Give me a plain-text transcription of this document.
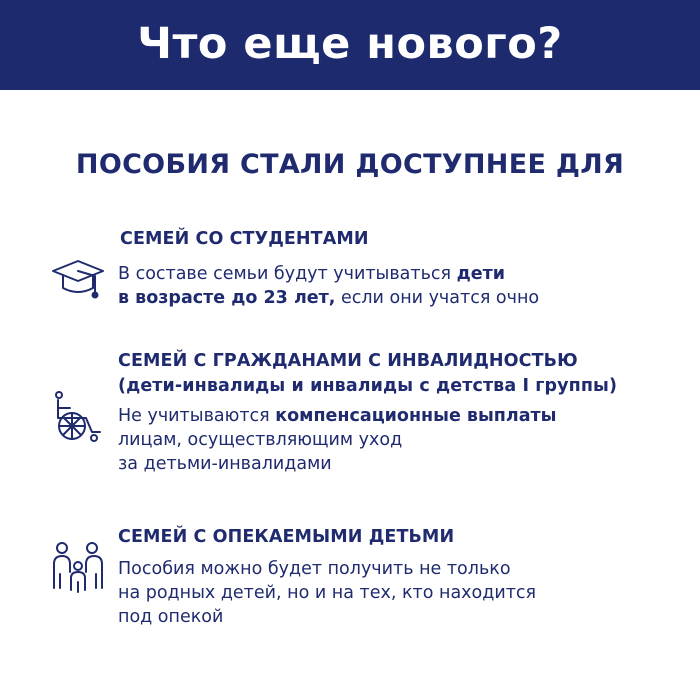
Что еще нового?
ПОСОБИЯ СТАЛИ ДОСТУПНЕЕ ДЛЯ
СЕМЕЙ СО СТУДЕНТАМИ
В составе семьи будут учитываться дети
в возрасте до 23 лет, если они учатся очно
СЕМЕЙ С ГРАЖДАНАМИ С ИНВАЛИДНОСТЬЮ
(дети-инвалиды и инвалиды с детства I группы)
Не учитываются компенсационные выплаты
лицам, осуществляющим уход
за детьми-инвалидами
СЕМЕЙ С ОПЕКАЕМЫМИ ДЕТЬМИ
Пособия можно будет получить не только
на родных детей, но и на тех, кто находится
под опекой
